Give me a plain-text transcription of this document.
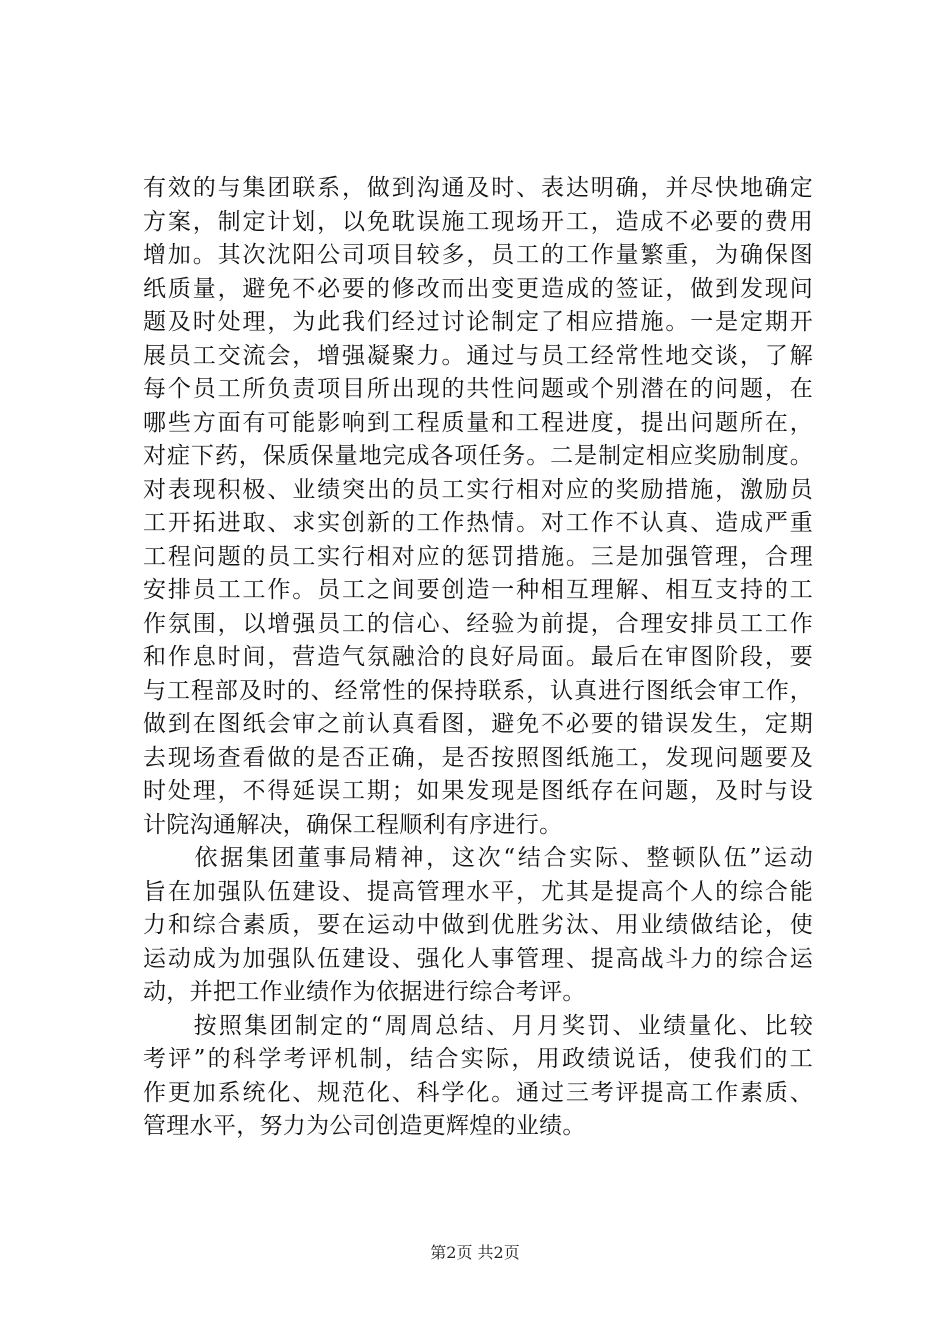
有效的与集团联系，做到沟通及时、表达明确，并尽快地确定
方案，制定计划，以免耽误施工现场开工，造成不必要的费用
增加。其次沈阳公司项目较多，员工的工作量繁重，为确保图
纸质量，避免不必要的修改而出变更造成的签证，做到发现问
题及时处理，为此我们经过讨论制定了相应措施。一是定期开
展员工交流会，增强凝聚力。通过与员工经常性地交谈，了解
每个员工所负责项目所出现的共性问题或个别潜在的问题，在
哪些方面有可能影响到工程质量和工程进度，提出问题所在，
对症下药，保质保量地完成各项任务。二是制定相应奖励制度。
对表现积极、业绩突出的员工实行相对应的奖励措施，激励员
工开拓进取、求实创新的工作热情。对工作不认真、造成严重
工程问题的员工实行相对应的惩罚措施。三是加强管理，合理
安排员工工作。员工之间要创造一种相互理解、相互支持的工
作氛围，以增强员工的信心、经验为前提，合理安排员工工作
和作息时间，营造气氛融洽的良好局面。最后在审图阶段，要
与工程部及时的、经常性的保持联系，认真进行图纸会审工作，
做到在图纸会审之前认真看图，避免不必要的错误发生，定期
去现场查看做的是否正确，是否按照图纸施工，发现问题要及
时处理，不得延误工期；如果发现是图纸存在问题，及时与设
计院沟通解决，确保工程顺利有序进行。
　　依据集团董事局精神，这次“结合实际、整顿队伍”运动
旨在加强队伍建设、提高管理水平，尤其是提高个人的综合能
力和综合素质，要在运动中做到优胜劣汰、用业绩做结论，使
运动成为加强队伍建设、强化人事管理、提高战斗力的综合运
动，并把工作业绩作为依据进行综合考评。
　　按照集团制定的“周周总结、月月奖罚、业绩量化、比较
考评”的科学考评机制，结合实际，用政绩说话，使我们的工
作更加系统化、规范化、科学化。通过三考评提高工作素质、
管理水平，努力为公司创造更辉煌的业绩。
第2页 共2页
